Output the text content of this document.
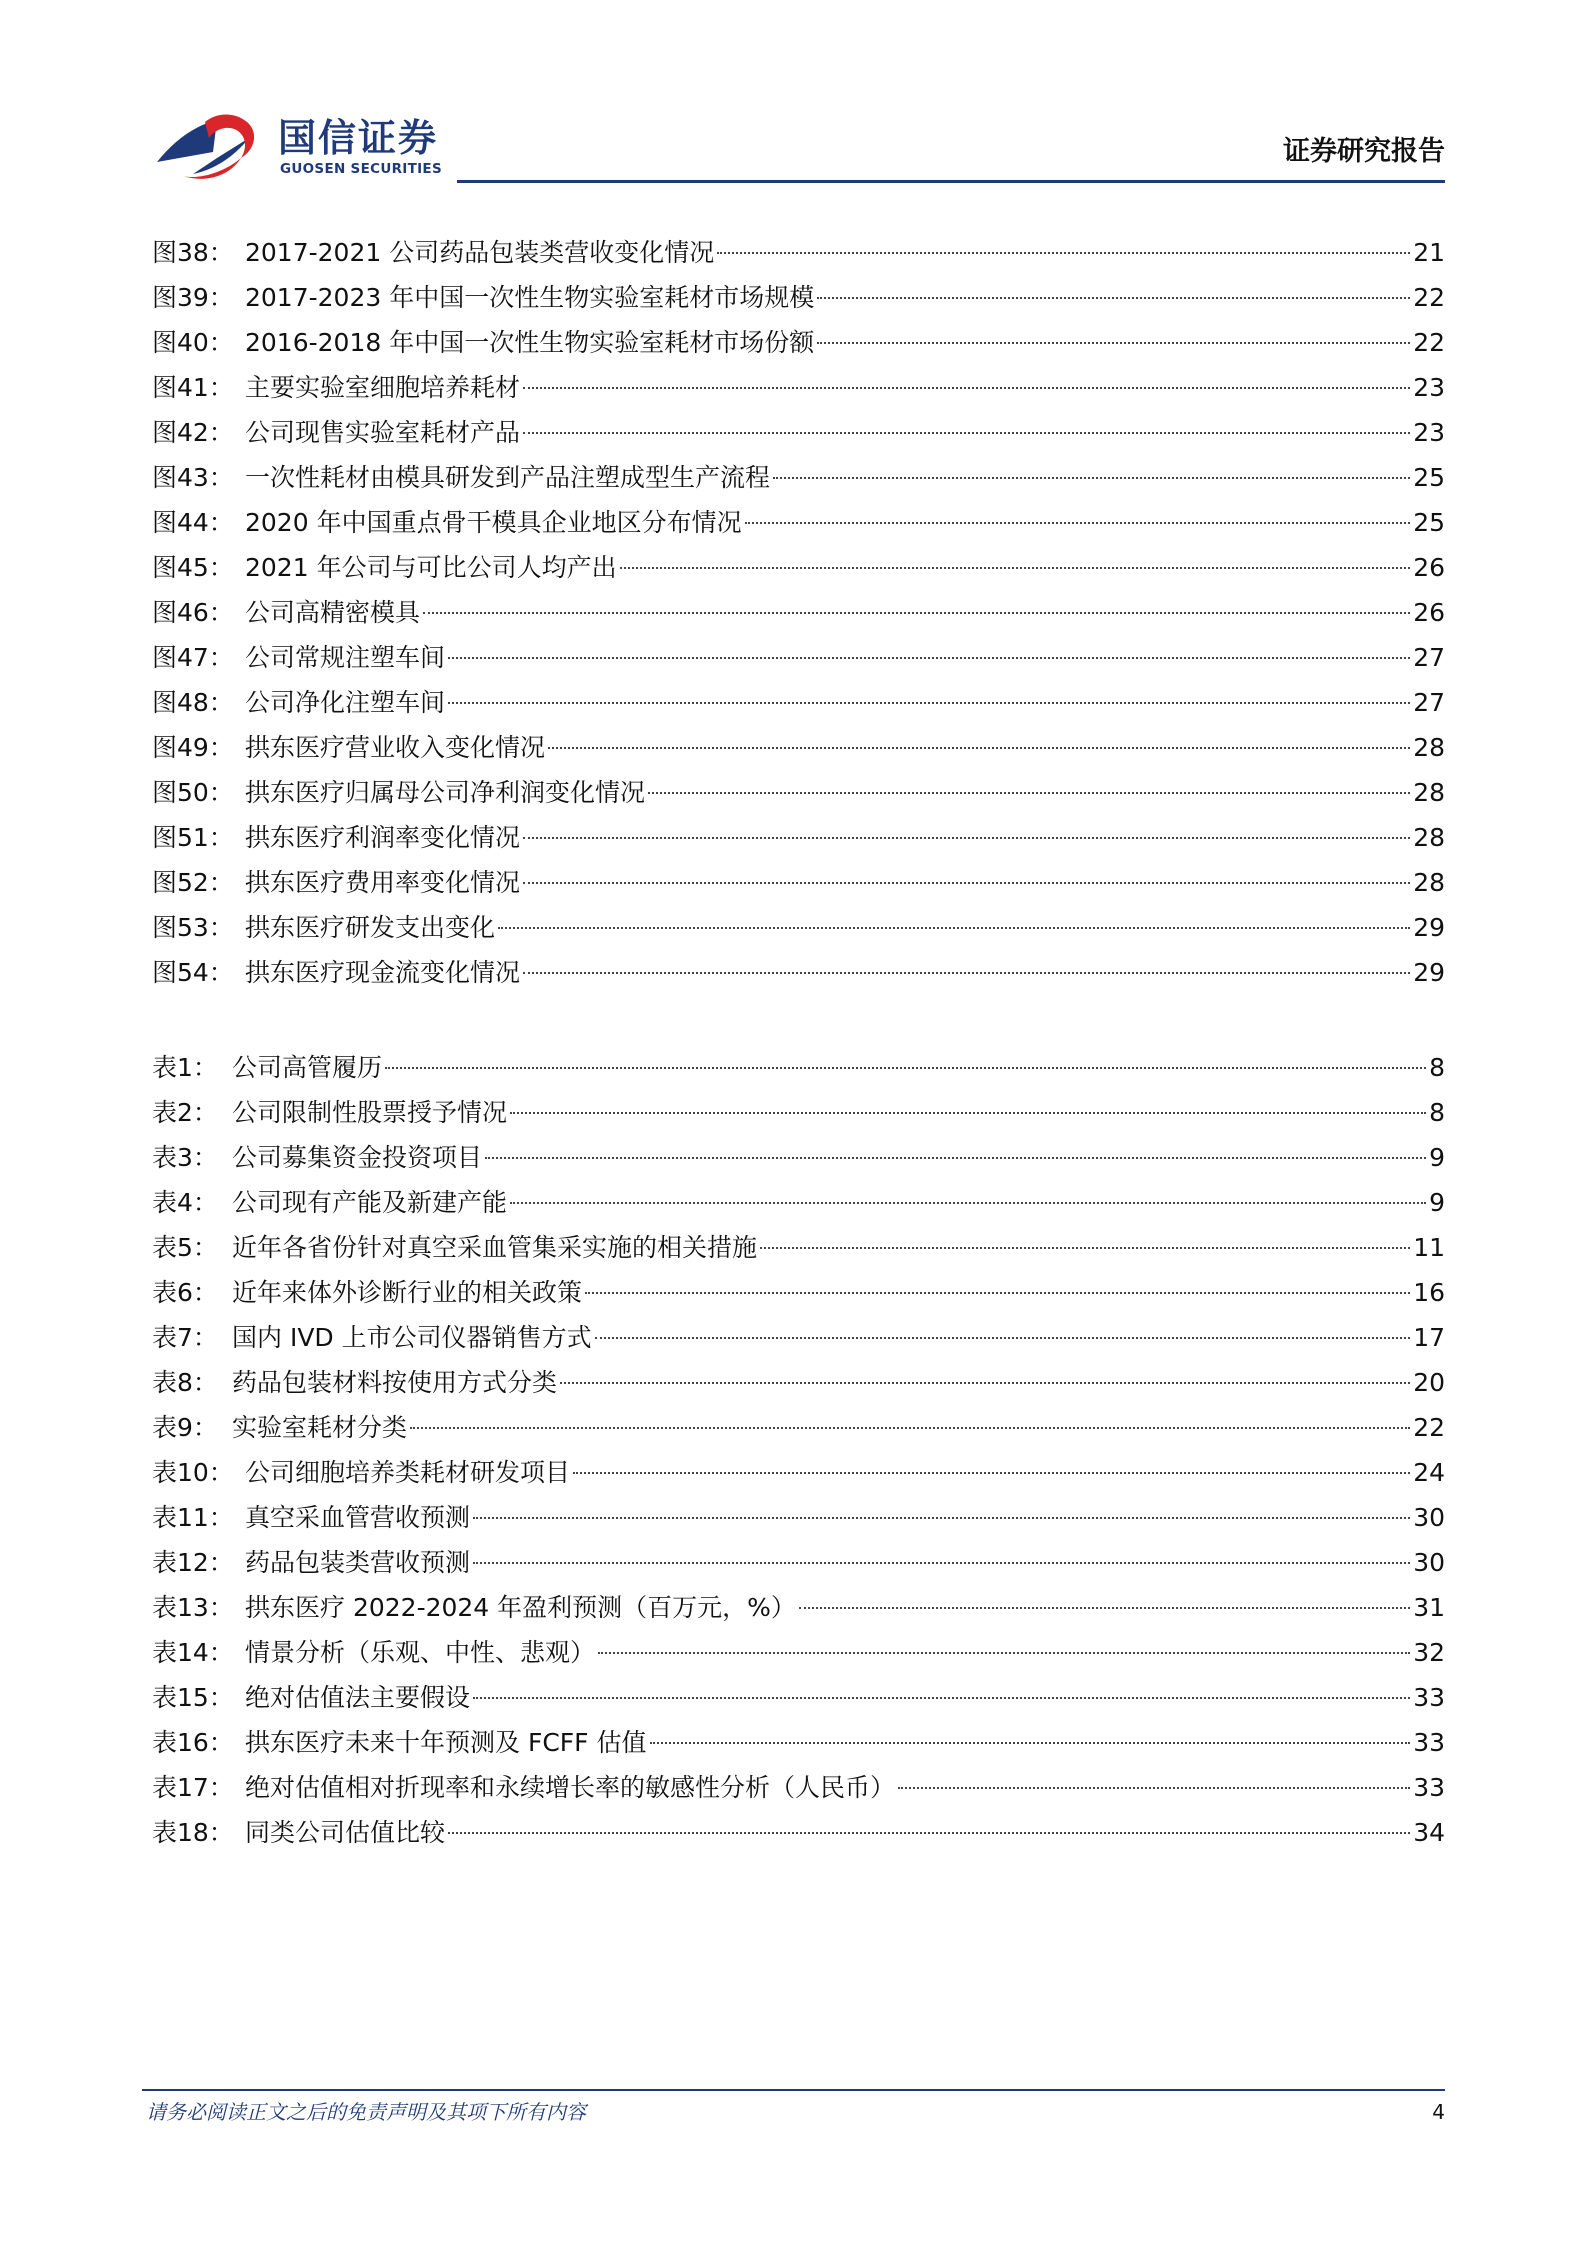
国信证券
GUOSEN SECURITIES
证券研究报告
图38： 2017-2021 公司药品包装类营收变化情况	21
图39： 2017-2023 年中国一次性生物实验室耗材市场规模	22
图40： 2016-2018 年中国一次性生物实验室耗材市场份额	22
图41： 主要实验室细胞培养耗材	23
图42： 公司现售实验室耗材产品	23
图43： 一次性耗材由模具研发到产品注塑成型生产流程	25
图44： 2020 年中国重点骨干模具企业地区分布情况	25
图45： 2021 年公司与可比公司人均产出	26
图46： 公司高精密模具	26
图47： 公司常规注塑车间	27
图48： 公司净化注塑车间	27
图49： 拱东医疗营业收入变化情况	28
图50： 拱东医疗归属母公司净利润变化情况	28
图51： 拱东医疗利润率变化情况	28
图52： 拱东医疗费用率变化情况	28
图53： 拱东医疗研发支出变化	29
图54： 拱东医疗现金流变化情况	29
表1： 公司高管履历	8
表2： 公司限制性股票授予情况	8
表3： 公司募集资金投资项目	9
表4： 公司现有产能及新建产能	9
表5： 近年各省份针对真空采血管集采实施的相关措施	11
表6： 近年来体外诊断行业的相关政策	16
表7： 国内 IVD 上市公司仪器销售方式	17
表8： 药品包装材料按使用方式分类	20
表9： 实验室耗材分类	22
表10： 公司细胞培养类耗材研发项目	24
表11： 真空采血管营收预测	30
表12： 药品包装类营收预测	30
表13： 拱东医疗 2022-2024 年盈利预测（百万元，%）	31
表14： 情景分析（乐观、中性、悲观）	32
表15： 绝对估值法主要假设	33
表16： 拱东医疗未来十年预测及 FCFF 估值	33
表17： 绝对估值相对折现率和永续增长率的敏感性分析（人民币）	33
表18： 同类公司估值比较	34
请务必阅读正文之后的免责声明及其项下所有内容	4
